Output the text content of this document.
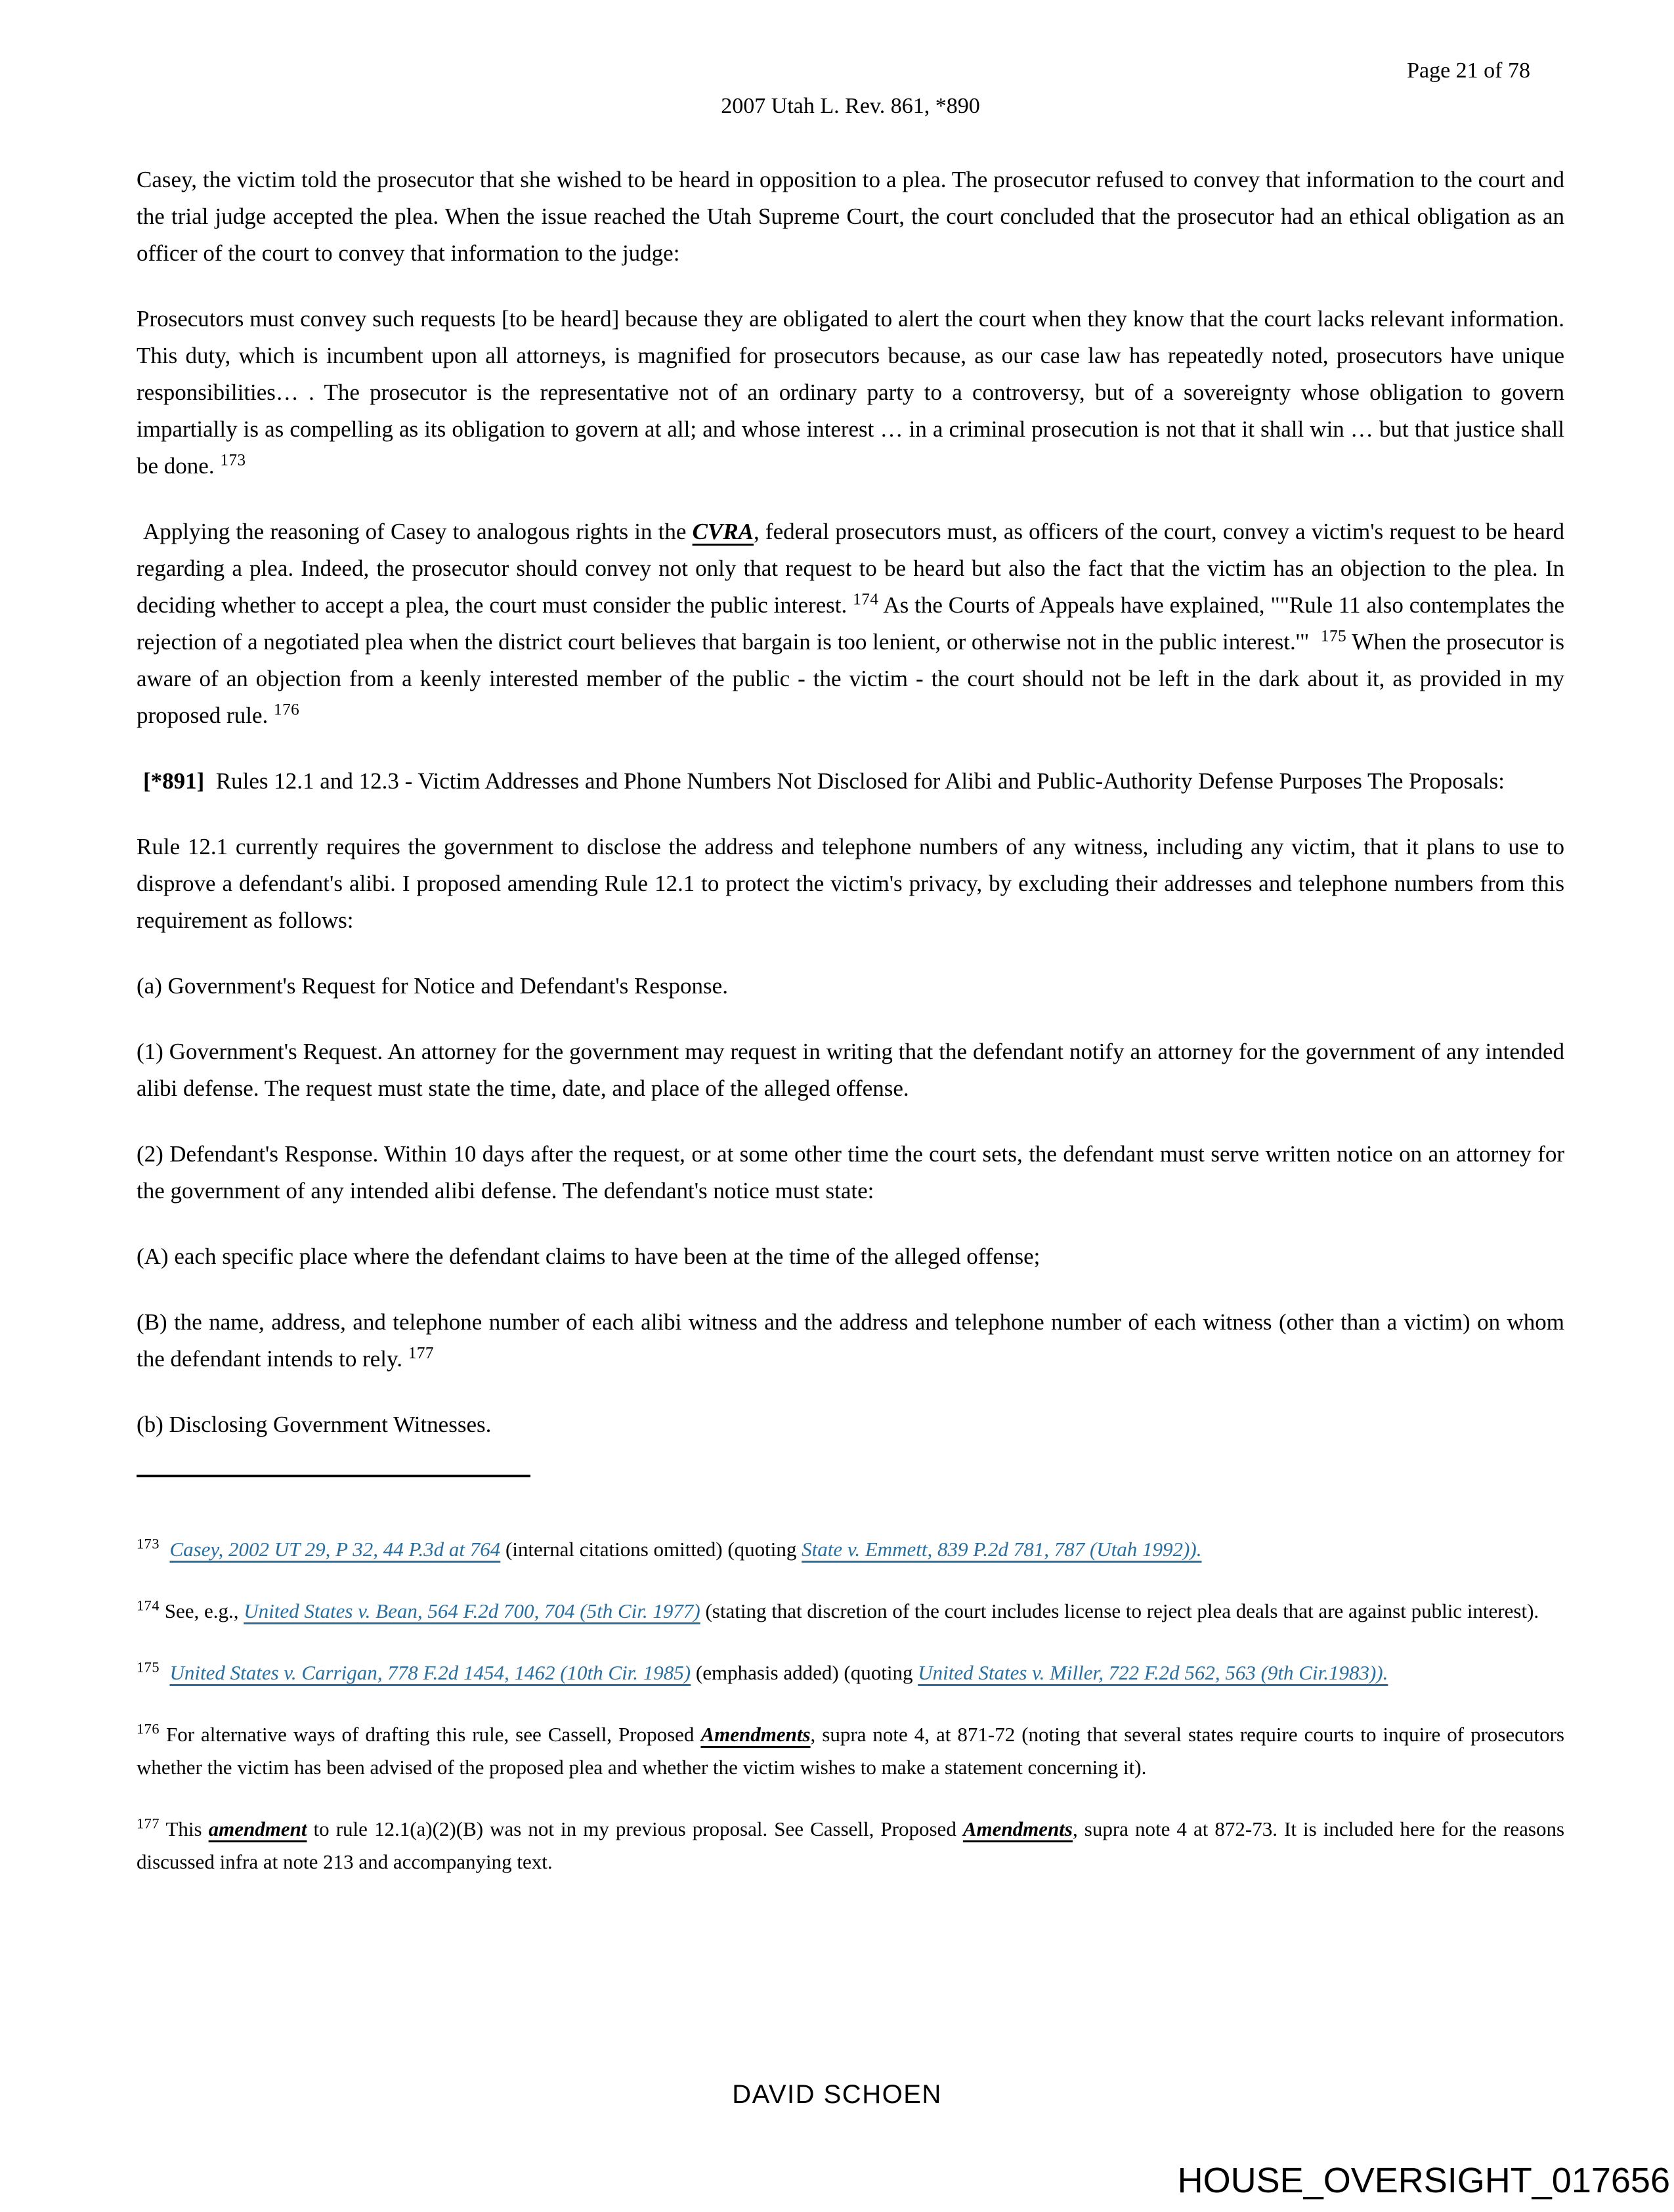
Page 21 of 78
2007 Utah L. Rev. 861, *890

Casey, the victim told the prosecutor that she wished to be heard in opposition to a plea. The prosecutor refused to convey that information to the court and the trial judge accepted the plea. When the issue reached the Utah Supreme Court, the court concluded that the prosecutor had an ethical obligation as an officer of the court to convey that information to the judge:

Prosecutors must convey such requests [to be heard] because they are obligated to alert the court when they know that the court lacks relevant information. This duty, which is incumbent upon all attorneys, is magnified for prosecutors because, as our case law has repeatedly noted, prosecutors have unique responsibilities… . The prosecutor is the representative not of an ordinary party to a controversy, but of a sovereignty whose obligation to govern impartially is as compelling as its obligation to govern at all; and whose interest … in a criminal prosecution is not that it shall win … but that justice shall be done. $^{173}$

Applying the reasoning of Casey to analogous rights in the CVRA, federal prosecutors must, as officers of the court, convey a victim's request to be heard regarding a plea. Indeed, the prosecutor should convey not only that request to be heard but also the fact that the victim has an objection to the plea. In deciding whether to accept a plea, the court must consider the public interest. $^{174}$ As the Courts of Appeals have explained, ""Rule 11 also contemplates the rejection of a negotiated plea when the district court believes that bargain is too lenient, or otherwise not in the public interest.'"  $^{175}$ When the prosecutor is aware of an objection from a keenly interested member of the public - the victim - the court should not be left in the dark about it, as provided in my proposed rule. $^{176}$

[*891]  Rules 12.1 and 12.3 - Victim Addresses and Phone Numbers Not Disclosed for Alibi and Public-Authority Defense Purposes The Proposals:

Rule 12.1 currently requires the government to disclose the address and telephone numbers of any witness, including any victim, that it plans to use to disprove a defendant's alibi. I proposed amending Rule 12.1 to protect the victim's privacy, by excluding their addresses and telephone numbers from this requirement as follows:

(a) Government's Request for Notice and Defendant's Response.

(1) Government's Request. An attorney for the government may request in writing that the defendant notify an attorney for the government of any intended alibi defense. The request must state the time, date, and place of the alleged offense.

(2) Defendant's Response. Within 10 days after the request, or at some other time the court sets, the defendant must serve written notice on an attorney for the government of any intended alibi defense. The defendant's notice must state:

(A) each specific place where the defendant claims to have been at the time of the alleged offense;

(B) the name, address, and telephone number of each alibi witness and the address and telephone number of each witness (other than a victim) on whom the defendant intends to rely. $^{177}$

(b) Disclosing Government Witnesses.

$^{173}$ Casey, 2002 UT 29, P 32, 44 P.3d at 764 (internal citations omitted) (quoting State v. Emmett, 839 P.2d 781, 787 (Utah 1992)).

$^{174}$ See, e.g., United States v. Bean, 564 F.2d 700, 704 (5th Cir. 1977) (stating that discretion of the court includes license to reject plea deals that are against public interest).

$^{175}$ United States v. Carrigan, 778 F.2d 1454, 1462 (10th Cir. 1985) (emphasis added) (quoting United States v. Miller, 722 F.2d 562, 563 (9th Cir.1983)).

$^{176}$ For alternative ways of drafting this rule, see Cassell, Proposed Amendments, supra note 4, at 871-72 (noting that several states require courts to inquire of prosecutors whether the victim has been advised of the proposed plea and whether the victim wishes to make a statement concerning it).

$^{177}$ This amendment to rule 12.1(a)(2)(B) was not in my previous proposal. See Cassell, Proposed Amendments, supra note 4 at 872-73. It is included here for the reasons discussed infra at note 213 and accompanying text.

DAVID SCHOEN
HOUSE_OVERSIGHT_017656
